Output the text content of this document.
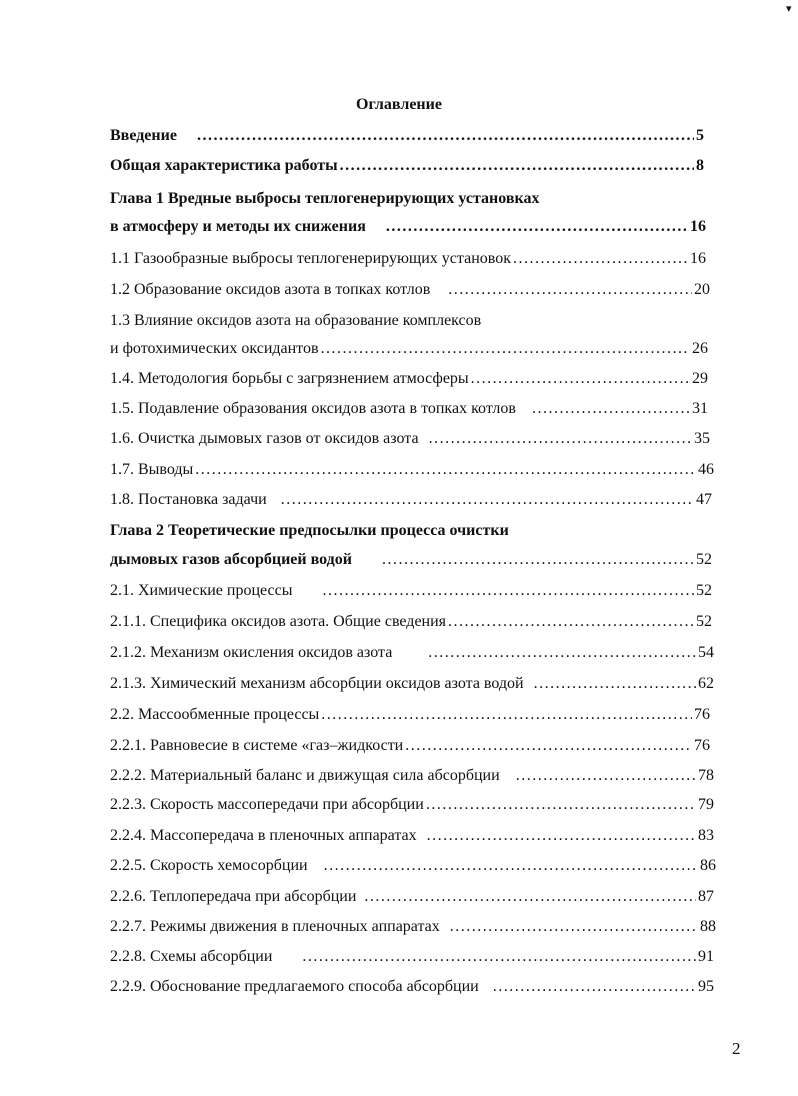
▾
Оглавление
Введение .....	5
Общая характеристика работы .....	8
Глава 1 Вредные выбросы теплогенерирующих установках
в атмосферу и методы их снижения .....	16
1.1 Газообразные выбросы теплогенерирующих установок .....	16
1.2 Образование оксидов азота в топках котлов .....	20
1.3 Влияние оксидов азота на образование комплексов
и фотохимических оксидантов .....	26
1.4. Методология борьбы с загрязнением атмосферы .....	29
1.5. Подавление образования оксидов азота в топках котлов .....	31
1.6. Очистка дымовых газов от оксидов азота .....	35
1.7. Выводы .....	46
1.8. Постановка задачи .....	47
Глава 2 Теоретические предпосылки процесса очистки
дымовых газов абсорбцией водой .....	52
2.1. Химические процессы .....	52
2.1.1. Специфика оксидов азота. Общие сведения .....	52
2.1.2. Механизм окисления оксидов азота .....	54
2.1.3. Химический механизм абсорбции оксидов азота водой .....	62
2.2. Массообменные процессы .....	76
2.2.1. Равновесие в системе «газ–жидкости .....	76
2.2.2. Материальный баланс и движущая сила абсорбции .....	78
2.2.3. Скорость массопередачи при абсорбции .....	79
2.2.4. Массопередача в пленочных аппаратах .....	83
2.2.5. Скорость хемосорбции .....	86
2.2.6. Теплопередача при абсорбции .....	87
2.2.7. Режимы движения в пленочных аппаратах .....	88
2.2.8. Схемы абсорбции .....	91
2.2.9. Обоснование предлагаемого способа абсорбции .....	95
2
